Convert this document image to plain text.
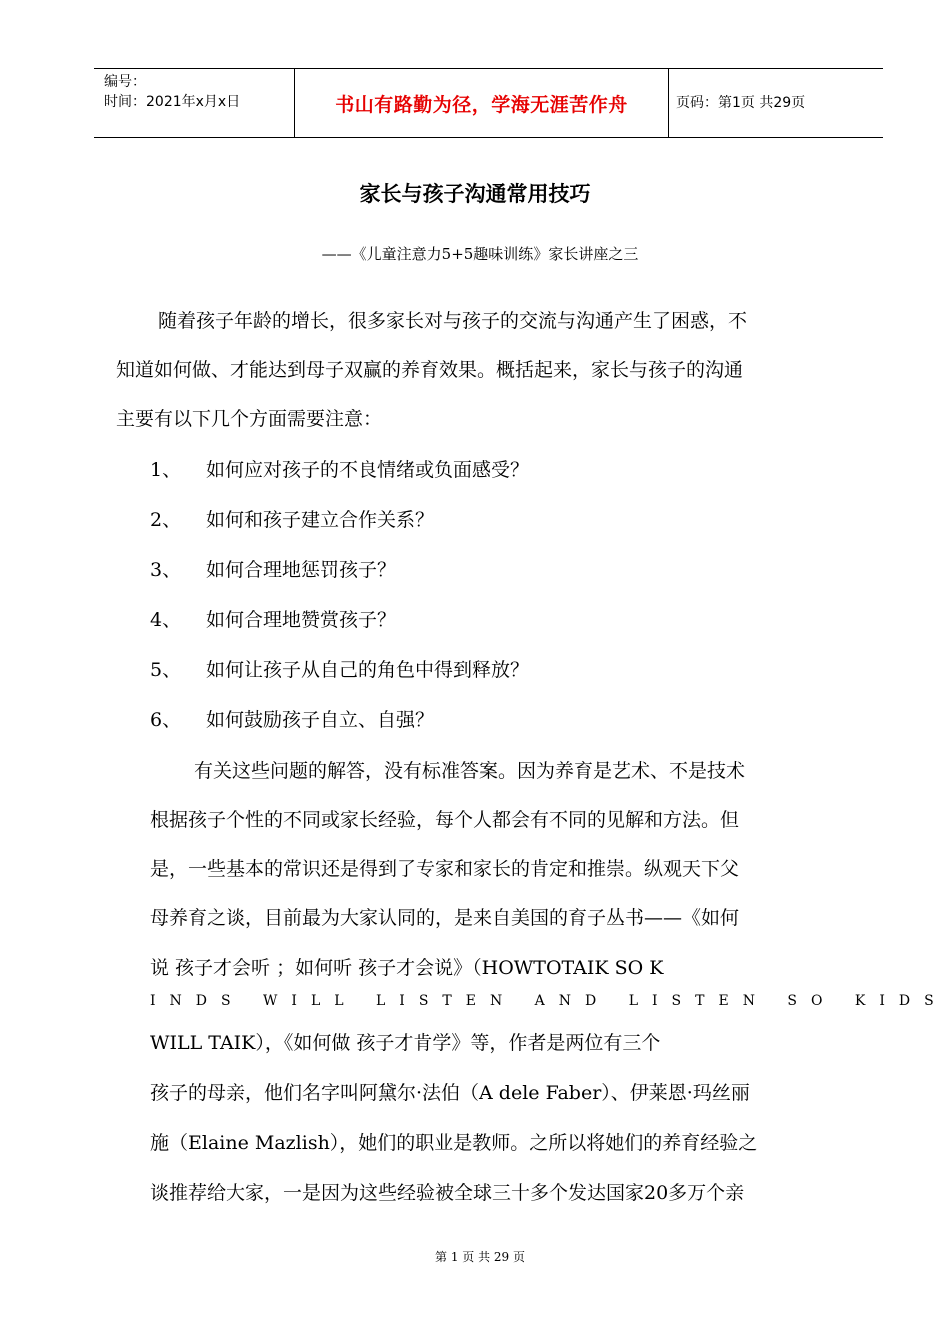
编号：
时间：2021年x月x日	书山有路勤为径，学海无涯苦作舟	页码：第1页 共29页
家长与孩子沟通常用技巧
——《儿童注意力5+5趣味训练》家长讲座之三
随着孩子年龄的增长，很多家长对与孩子的交流与沟通产生了困惑，不
知道如何做、才能达到母子双赢的养育效果。概括起来，家长与孩子的沟通
主要有以下几个方面需要注意：
1、 如何应对孩子的不良情绪或负面感受？
2、 如何和孩子建立合作关系？
3、 如何合理地惩罚孩子？
4、 如何合理地赞赏孩子？
5、 如何让孩子从自己的角色中得到释放？
6、 如何鼓励孩子自立、自强？
有关这些问题的解答，没有标准答案。因为养育是艺术、不是技术
根据孩子个性的不同或家长经验，每个人都会有不同的见解和方法。但
是，一些基本的常识还是得到了专家和家长的肯定和推崇。纵观天下父
母养育之谈，目前最为大家认同的，是来自美国的育子丛书——《如何
说 孩子才会听 ；如何听 孩子才会说》（HOWTOTAIK SO K
INDS WILL LISTEN AND LISTEN SO KIDS
WILL TAIK），《如何做 孩子才肯学》等，作者是两位有三个
孩子的母亲，他们名字叫阿黛尔·法伯（A dele Faber）、伊莱恩·玛丝丽
施（Elaine Mazlish），她们的职业是教师。之所以将她们的养育经验之
谈推荐给大家，一是因为这些经验被全球三十多个发达国家20多万个亲
第 1 页 共 29 页
